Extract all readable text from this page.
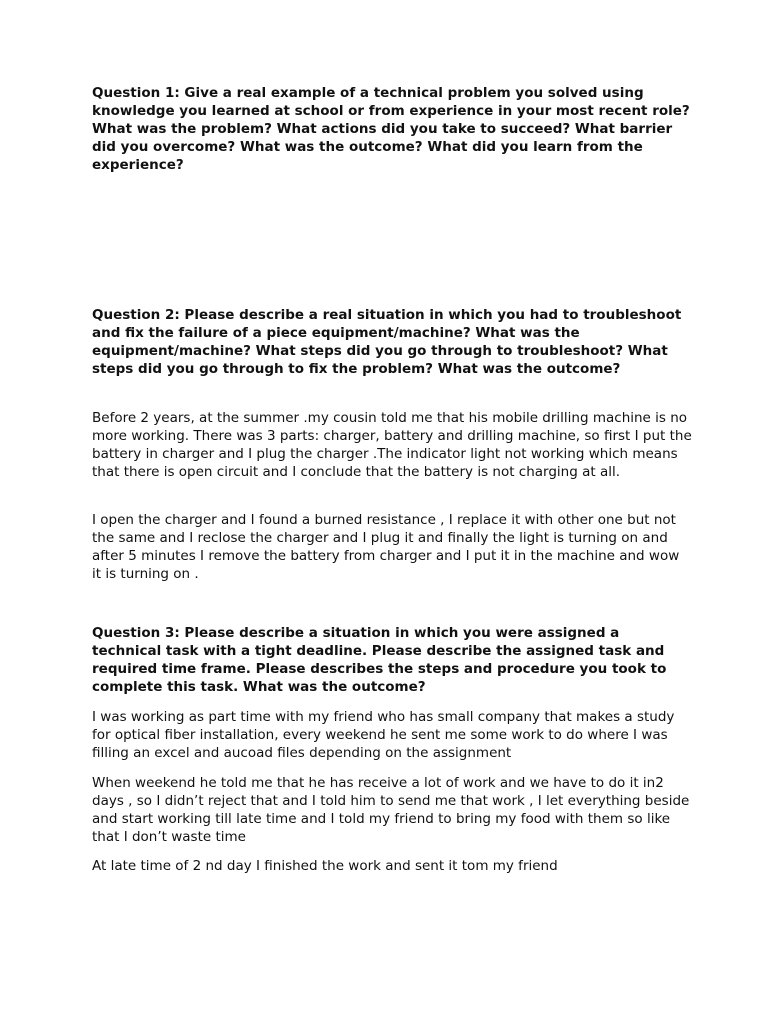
Question 1: Give a real example of a technical problem you solved using knowledge you learned at school or from experience in your most recent role? What was the problem? What actions did you take to succeed? What barrier did you overcome? What was the outcome? What did you learn from the experience?

Question 2: Please describe a real situation in which you had to troubleshoot and fix the failure of a piece equipment/machine? What was the equipment/machine? What steps did you go through to troubleshoot? What steps did you go through to fix the problem? What was the outcome?

Before 2 years, at the summer .my cousin told me that his mobile drilling machine is no more working. There was 3 parts: charger, battery and drilling machine, so first I put the battery in charger and I plug the charger .The indicator light not working which means that there is open circuit and I conclude that the battery is not charging at all.

I open the charger and I found a burned resistance , I replace it with other one but not the same and I reclose the charger and I plug it and finally the light is turning on and after 5 minutes I remove the battery from charger and I put it in the machine and wow it is turning on .

Question 3: Please describe a situation in which you were assigned a technical task with a tight deadline. Please describe the assigned task and required time frame. Please describes the steps and procedure you took to complete this task. What was the outcome?

I was working as part time with my friend who has small company that makes a study for optical fiber installation, every weekend he sent me some work to do where I was filling an excel and aucoad files depending on the assignment

When weekend he told me that he has receive a lot of work and we have to do it in2 days , so I didn’t reject that and I told him to send me that work , I let everything beside and start working till late time and I told my friend to bring my food with them so like that I don’t waste time

At late time of 2 nd day I finished the work and sent it tom my friend
